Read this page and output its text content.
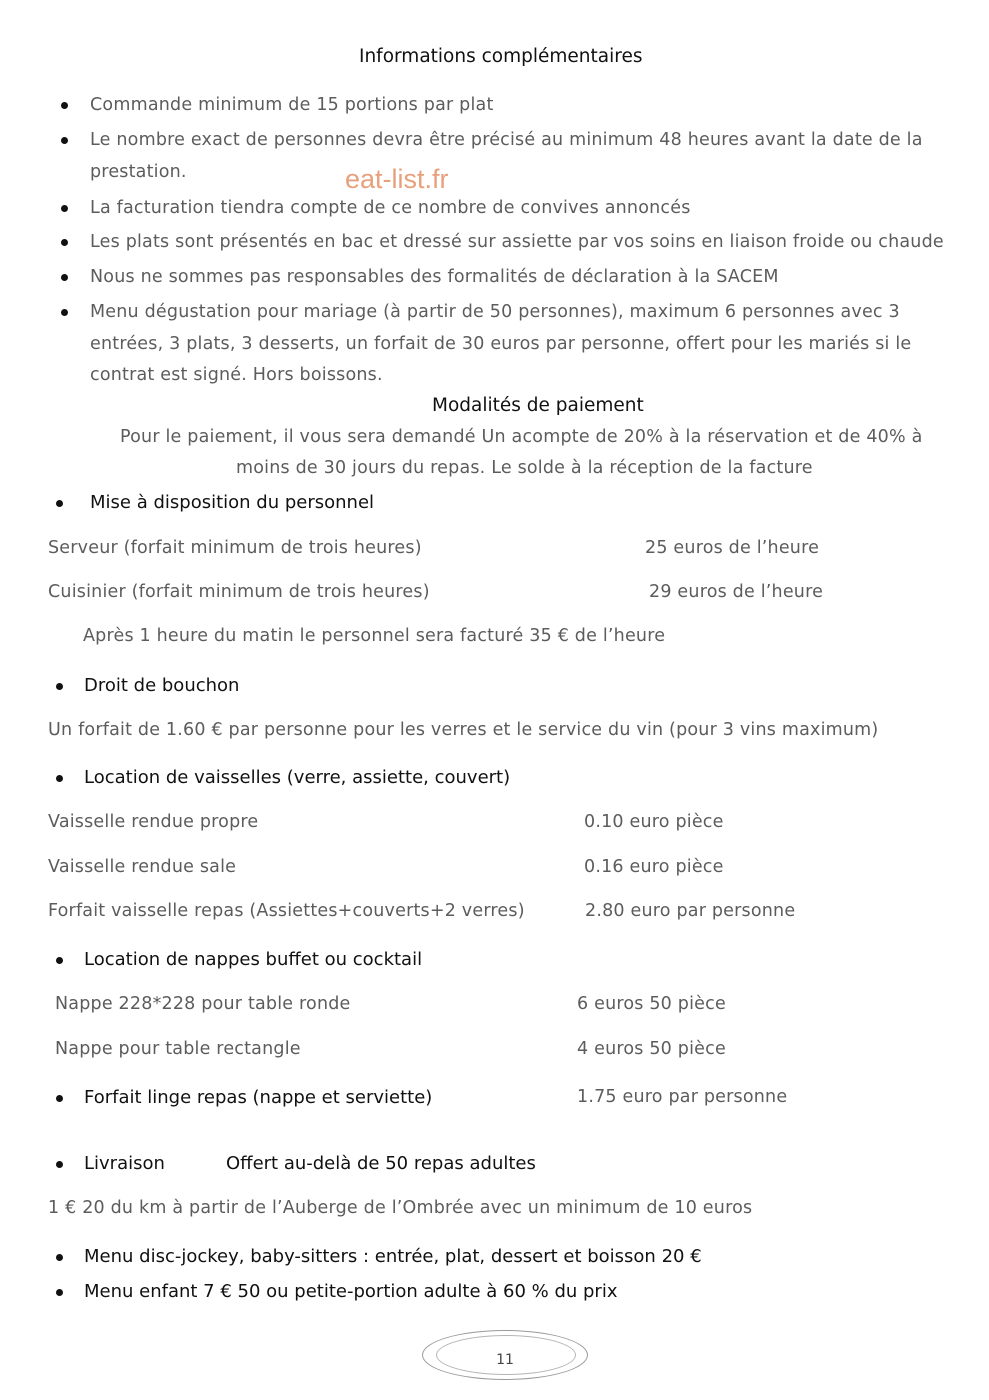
Informations complémentaires

Commande minimum de 15 portions par plat

Le nombre exact de personnes devra être précisé au minimum 48 heures avant la date de la

prestation.	eat-list.fr

La facturation tiendra compte de ce nombre de convives annoncés

Les plats sont présentés en bac et dressé sur assiette par vos soins en liaison froide ou chaude

Nous ne sommes pas responsables des formalités de déclaration à la SACEM

Menu dégustation pour mariage (à partir de 50 personnes), maximum 6 personnes avec 3

entrées, 3 plats, 3 desserts, un forfait de 30 euros par personne, offert pour les mariés si le

contrat est signé. Hors boissons.

Modalités de paiement

Pour le paiement, il vous sera demandé Un acompte de 20% à la réservation et de 40% à

moins de 30 jours du repas. Le solde à la réception de la facture

Mise à disposition du personnel

Serveur (forfait minimum de trois heures)	25 euros de l’heure

Cuisinier (forfait minimum de trois heures)	29 euros de l’heure

Après 1 heure du matin le personnel sera facturé 35 € de l’heure

Droit de bouchon

Un forfait de 1.60 € par personne pour les verres et le service du vin (pour 3 vins maximum)

Location de vaisselles (verre, assiette, couvert)

Vaisselle rendue propre	0.10 euro pièce

Vaisselle rendue sale	0.16 euro pièce

Forfait vaisselle repas (Assiettes+couverts+2 verres)	2.80 euro par personne

Location de nappes buffet ou cocktail

Nappe 228*228 pour table ronde	6 euros 50 pièce

Nappe pour table rectangle	4 euros 50 pièce

Forfait linge repas (nappe et serviette)	1.75 euro par personne

Livraison	Offert au-delà de 50 repas adultes

1 € 20 du km à partir de l’Auberge de l’Ombrée avec un minimum de 10 euros

Menu disc-jockey, baby-sitters : entrée, plat, dessert et boisson 20 €

Menu enfant 7 € 50 ou petite-portion adulte à 60 % du prix

11
